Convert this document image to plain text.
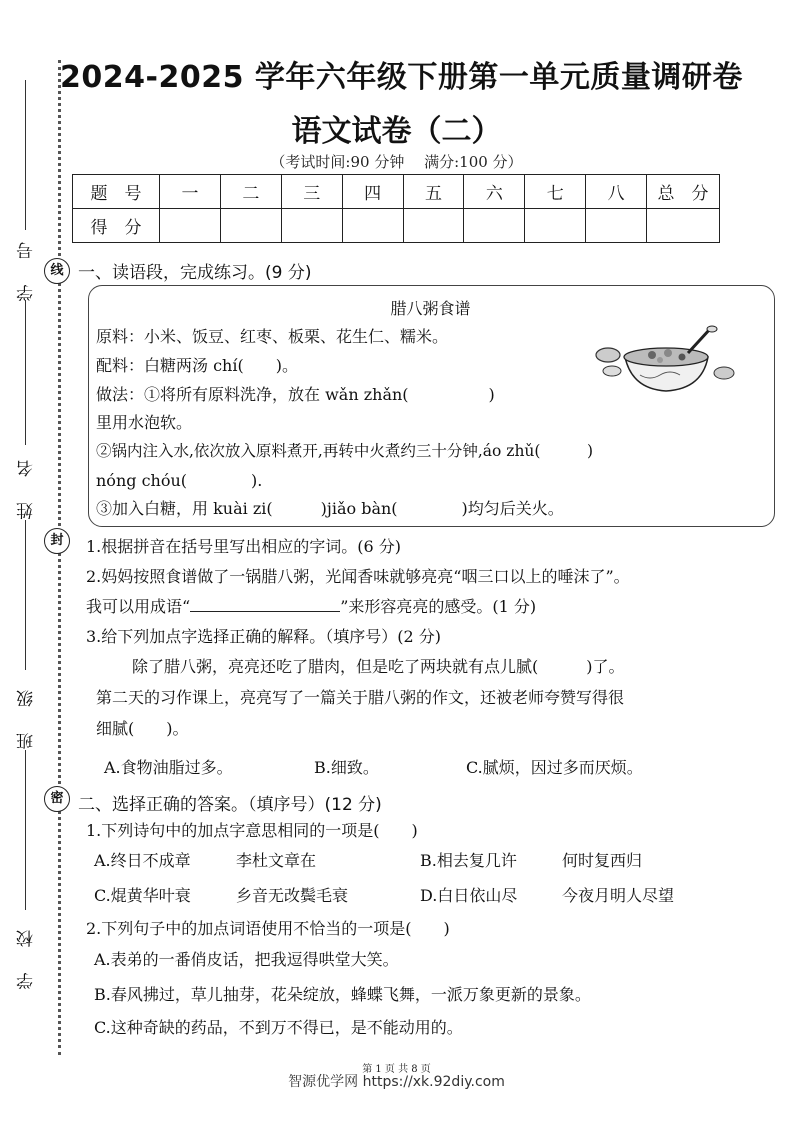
学 号
姓 名
班 级
学 校
线
封
密
2024-2025 学年六年级下册第一单元质量调研卷
语文试卷（二）
（考试时间:90 分钟　 满分:100 分）
题　号	一	二	三	四	五	六	七	八	总　分
得　分									
一、读语段，完成练习。(9 分)
腊八粥食谱
原料：小米、饭豆、红枣、板栗、花生仁、糯米。
配料：白糖两汤 chí(　　)。
做法：①将所有原料洗净，放在 wǎn zhǎn(　　　　　)
里用水泡软。
②锅内注入水,依次放入原料煮开,再转中火煮约三十分钟,áo zhǔ(　　　)
nóng chóu(　　　　).
③加入白糖，用 kuài zi(　　　)jiǎo bàn(　　　　)均匀后关火。
1.根据拼音在括号里写出相应的字词。(6 分)
2.妈妈按照食谱做了一锅腊八粥，光闻香味就够亮亮“咽三口以上的唾沫了”。
我可以用成语“	”来形容亮亮的感受。(1 分)
3.给下列加点字选择正确的解释。（填序号）(2 分)
除了腊八粥，亮亮还吃了腊肉，但是吃了两块就有点儿腻(　　　)了。
第二天的习作课上，亮亮写了一篇关于腊八粥的作文，还被老师夸赞写得很
细腻(　　)。
A.食物油脂过多。	B.细致。	C.腻烦，因过多而厌烦。
二、选择正确的答案。（填序号）(12 分)
1.下列诗句中的加点字意思相同的一项是(　　)
A.终日不成章	李杜文章在	B.相去复几许	何时复西归
C.焜黄华叶衰	乡音无改鬓毛衰	D.白日依山尽	今夜月明人尽望
2.下列句子中的加点词语使用不恰当的一项是(　　)
A.表弟的一番俏皮话，把我逗得哄堂大笑。
B.春风拂过，草儿抽芽，花朵绽放，蜂蝶飞舞，一派万象更新的景象。
C.这种奇缺的药品，不到万不得已，是不能动用的。
第 1 页 共 8 页
智源优学网 https://xk.92diy.com
